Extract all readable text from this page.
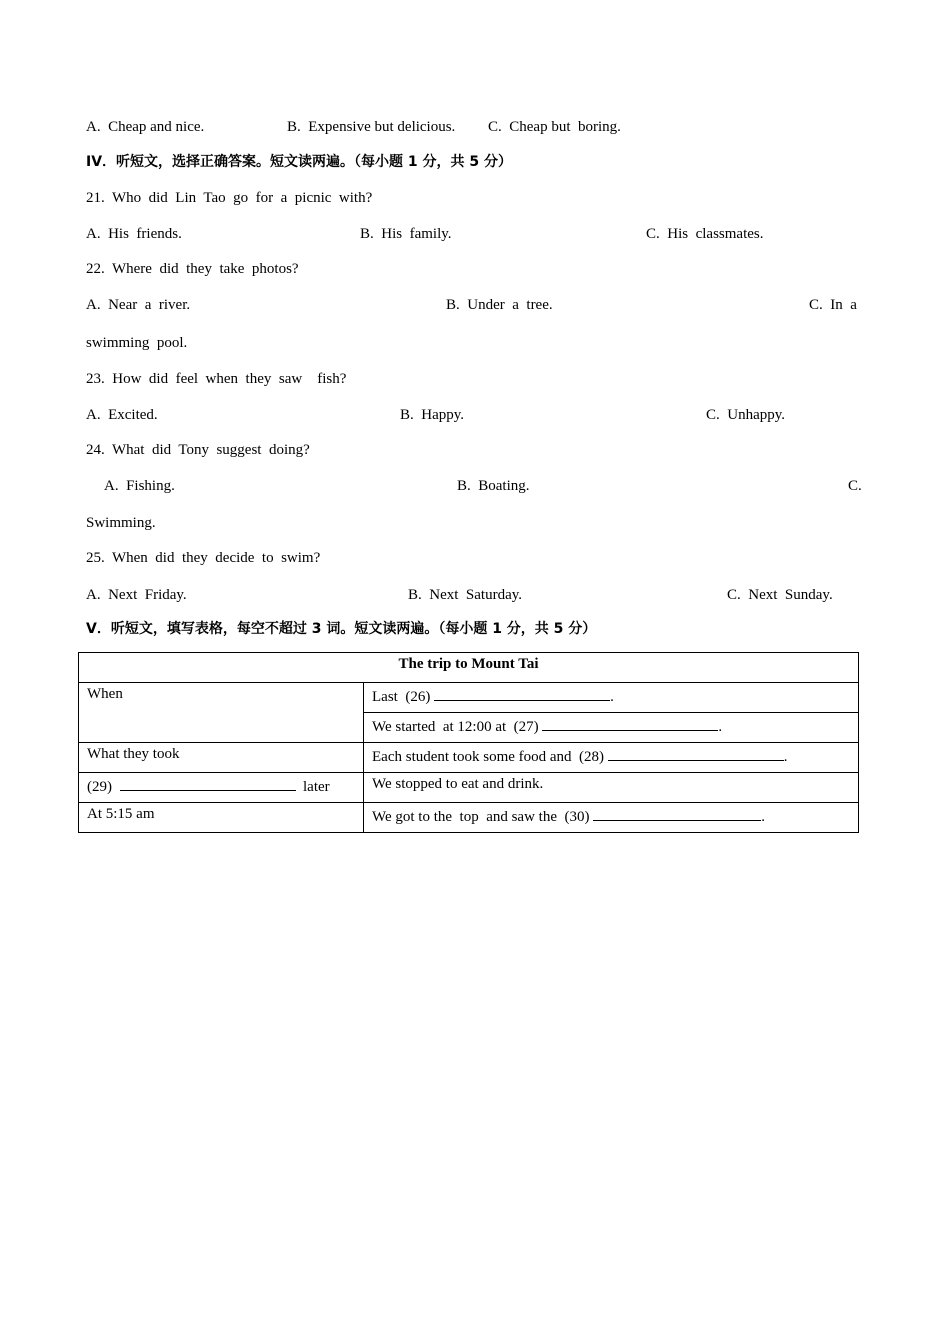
A.  Cheap and nice.	B.  Expensive but delicious. C.  Cheap but  boring.
IV．听短文，选择正确答案。短文读两遍。（每小题 1 分，共 5 分）
21.  Who  did  Lin  Tao  go  for  a  picnic  with?
A.  His  friends.	B.  His  family.	C.  His  classmates.
22.  Where  did  they  take  photos?
A.  Near  a  river.	B.  Under  a  tree.	C.  In  a
swimming  pool.
23.  How  did  feel  when  they  saw    fish?
A.  Excited.	B.  Happy.	C.  Unhappy.
24.  What  did  Tony  suggest  doing?
A.  Fishing.	B.  Boating.	C.
Swimming.
25.  When  did  they  decide  to  swim?
A.  Next  Friday.	B.  Next  Saturday.	C.  Next  Sunday.
V．听短文，填写表格，每空不超过 3 词。短文读两遍。（每小题 1 分，共 5 分）
The trip to Mount Tai	
When	Last  (26) .
	We started  at 12:00 at  (27) .
What they took	Each student took some food and  (28) .
(29) later	We stopped to eat and drink.
At 5:15 am	We got to the  top  and saw the  (30) .
